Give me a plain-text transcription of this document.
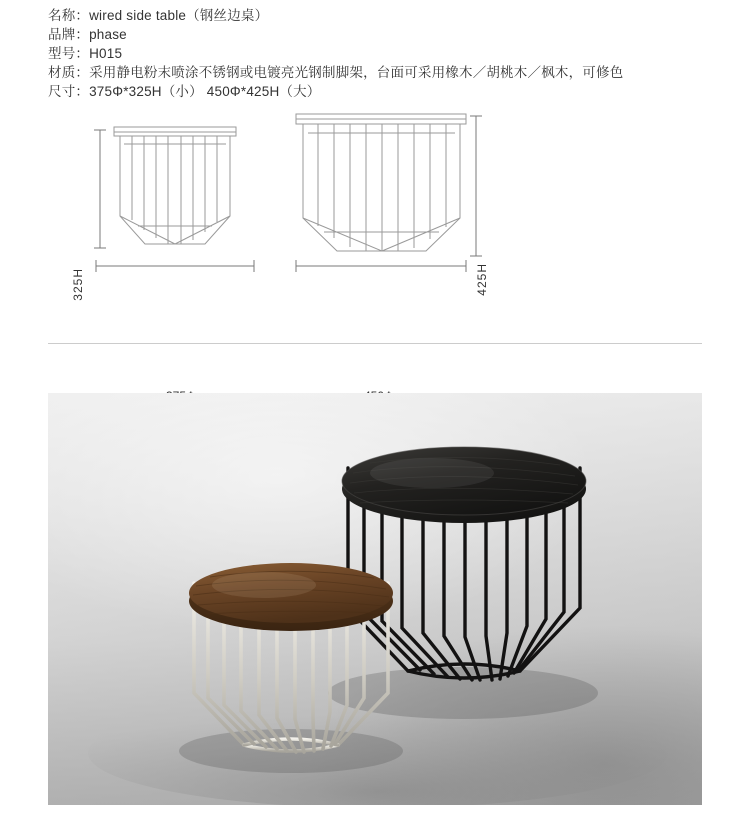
名称：wired side table（钢丝边桌）
品牌：phase
型号：H015
材质：采用静电粉末喷涂不锈钢或电镀亮光钢制脚架，台面可采用橡木／胡桃木／枫木，可修色
尺寸：375Φ*325H（小） 450Φ*425H（大）
325H	425H
